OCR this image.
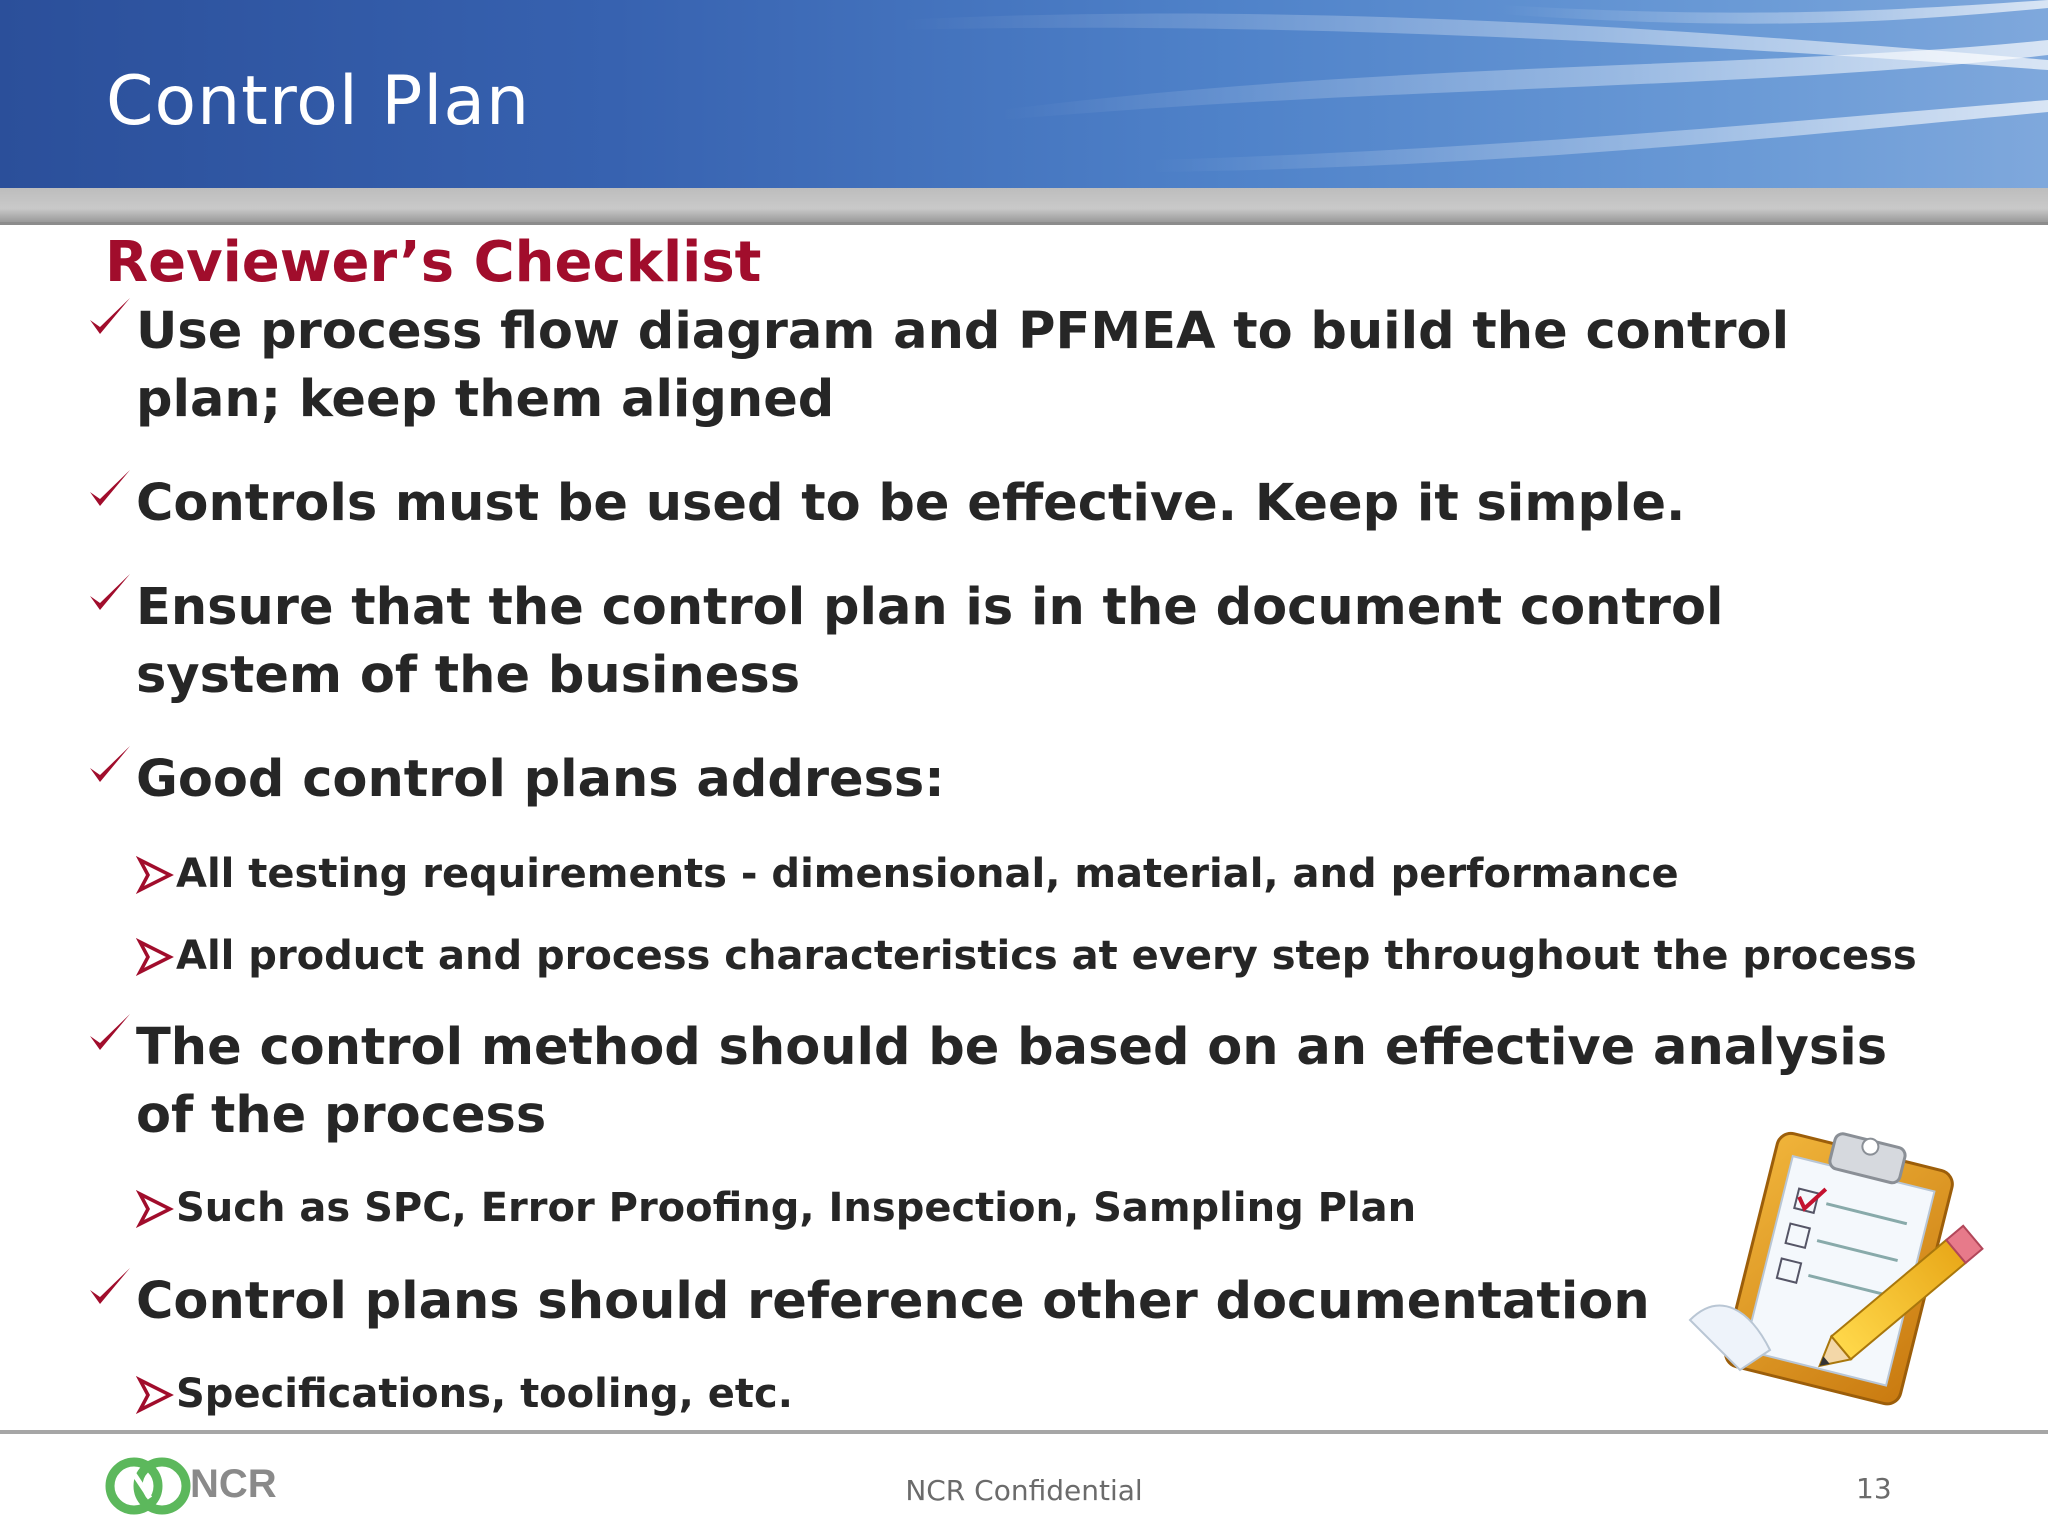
Control Plan
Reviewer’s Checklist
Use process flow diagram and PFMEA to build the control plan; keep them aligned
Controls must be used to be effective. Keep it simple.
Ensure that the control plan is in the document control system of the business
Good control plans address:
All testing requirements - dimensional, material, and performance
All product and process characteristics at every step throughout the process
The control method should be based on an effective analysis of the process
Such as SPC, Error Proofing, Inspection, Sampling Plan
Control plans should reference other documentation
Specifications, tooling, etc.
NCR	NCR Confidential	13
